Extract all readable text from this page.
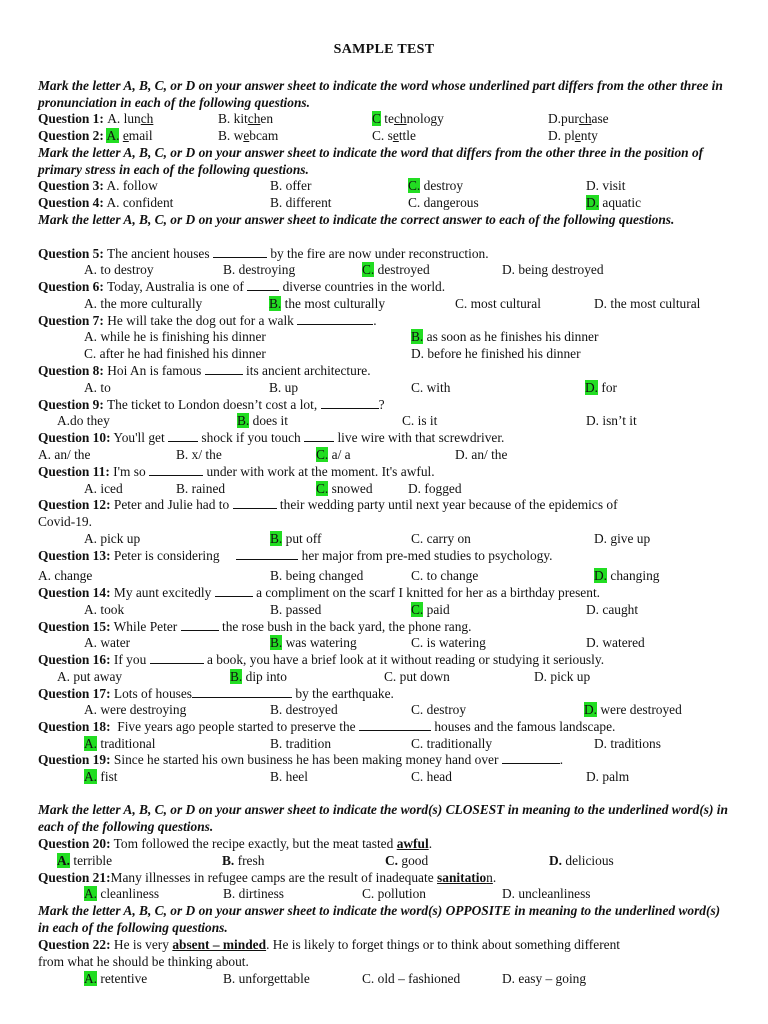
SAMPLE TEST
Mark the letter A, B, C, or D on your answer sheet to indicate the word whose underlined part differs from the other three in pronunciation in each of the following questions.
Question 1: A. lunch	B. kitchen	C technology	D.purchase
Question 2: A. email	B. webcam	C. settle	D. plenty
Mark the letter A, B, C, or D on your answer sheet to indicate the word that differs from the other three in the position of primary stress in each of the following questions.
Question 3: A. follow	B. offer	C. destroy	D. visit
Question 4: A. confident	B. different	C. dangerous	D. aquatic
Mark the letter A, B, C, or D on your answer sheet to indicate the correct answer to each of the following questions.
Question 5: The ancient houses	by the fire are now under reconstruction.
A. to destroy	B. destroying	C. destroyed	D. being destroyed
Question 6: Today, Australia is one of	diverse countries in the world.
A. the more culturally	B. the most culturally	C. most cultural	D. the most cultural
Question 7: He will take the dog out for a walk	.
A. while he is finishing his dinner	B. as soon as he finishes his dinner
C. after he had finished his dinner	D. before he finished his dinner
Question 8: Hoi An is famous	its ancient architecture.
A. to	B. up	C. with	D. for
Question 9: The ticket to London doesn’t cost a lot,	?
A.do they	B. does it	C. is it	D. isn’t it
Question 10: You'll get	shock if you touch	live wire with that screwdriver.
A. an/ the	B. x/ the	C. a/ a	D. an/ the
Question 11: I'm so	under with work at the moment. It's awful.
A. iced	B. rained	C. snowed	D. fogged
Question 12: Peter and Julie had to	their wedding party until next year because of the epidemics of
Covid-19.
A. pick up	B. put off	C. carry on	D. give up
Question 13: Peter is considering	her major from pre-med studies to psychology.
A. change	B. being changed	C. to change	D. changing
Question 14: My aunt excitedly	a compliment on the scarf I knitted for her as a birthday present.
A. took	B. passed	C. paid	D. caught
Question 15: While Peter	the rose bush in the back yard, the phone rang.
A. water	B. was watering	C. is watering	D. watered
Question 16: If you	a book, you have a brief look at it without reading or studying it seriously.
A. put away	B. dip into	C. put down	D. pick up
Question 17: Lots of houses	by the earthquake.
A. were destroying	B. destroyed	C. destroy	D. were destroyed
Question 18: Five years ago people started to preserve the	houses and the famous landscape.
A. traditional	B. tradition	C. traditionally	D. traditions
Question 19: Since he started his own business he has been making money hand over	.
A. fist	B. heel	C. head	D. palm
Mark the letter A, B, C, or D on your answer sheet to indicate the word(s) CLOSEST in meaning to the underlined word(s) in each of the following questions.
Question 20: Tom followed the recipe exactly, but the meat tasted awful.
A. terrible	B. fresh	C. good	D. delicious
Question 21:Many illnesses in refugee camps are the result of inadequate sanitation.
A. cleanliness	B. dirtiness	C. pollution	D. uncleanliness
Mark the letter A, B, C, or D on your answer sheet to indicate the word(s) OPPOSITE in meaning to the underlined word(s) in each of the following questions.
Question 22: He is very absent – minded. He is likely to forget things or to think about something different
from what he should be thinking about.
A. retentive	B. unforgettable	C. old – fashioned	D. easy – going
